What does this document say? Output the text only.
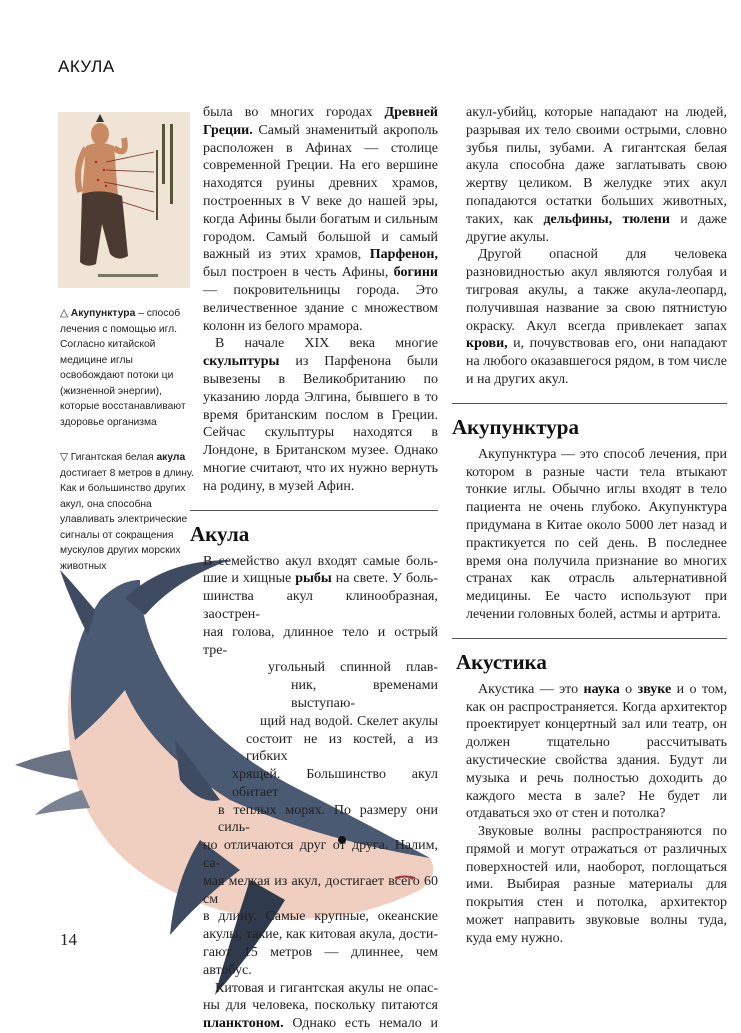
АКУЛА
△ Акупунктура – способ лечения с помощью игл. Согласно китайской медицине иглы освобождают потоки ци (жизненной энергии), которые восстанавливают здоровье организма
▽ Гигантская белая акула достигает 8 метров в длину. Как и большинство других акул, она способна улавливать электрические сигналы от сокращения мускулов других морских животных

была во многих городах Древней Греции. Самый знаменитый акрополь расположен в Афинах — столице современной Греции. На его вершине находятся руины древних храмов, построенных в V веке до нашей эры, когда Афины были богатым и сильным городом. Самый большой и самый важный из этих храмов, Парфенон, был построен в честь Афины, богини — покровительницы города. Это величественное здание с множеством колонн из белого мрамора.

В начале XIX века многие скульптуры из Парфенона были вывезены в Великобританию по указанию лорда Элгина, бывшего в то время британским послом в Греции. Сейчас скульптуры находятся в Лондоне, в Британском музее. Однако многие считают, что их нужно вернуть на родину, в музей Афин.

Акула
В семейство акул входят самые боль-
шие и хищные рыбы на свете. У боль-
шинства акул клинообразная, заострен-
ная голова, длинное тело и острый тре-
угольный спинной плав-
ник, временами выступаю-
щий над водой. Скелет акулы
состоит не из костей, а из гибких
хрящей. Большинство акул обитает
в теплых морях. По размеру они силь-
но отличаются друг от друга. Налим, са-
мая мелкая из акул, достигает всего 60 см
в длину. Самые крупные, океанские
акулы, такие, как китовая акула, дости-
гают 15 метров — длиннее, чем автобус.
Китовая и гигантская акулы не опас-
ны для человека, поскольку питаются
планктоном. Однако есть немало и

акул-убийц, которые нападают на людей, разрывая их тело своими острыми, словно зубья пилы, зубами. А гигантская белая акула способна даже заглатывать свою жертву целиком. В желудке этих акул попадаются остатки больших животных, таких, как дельфины, тюлени и даже другие акулы.

Другой опасной для человека разновидностью акул являются голубая и тигровая акулы, а также акула-леопард, получившая название за свою пятнистую окраску. Акул всегда привлекает запах крови, и, почувствовав его, они нападают на любого оказавшегося рядом, в том числе и на других акул.

Акупунктура

Акупунктура — это способ лечения, при котором в разные части тела втыкают тонкие иглы. Обычно иглы входят в тело пациента не очень глубоко. Акупунктура придумана в Китае около 5000 лет назад и практикуется по сей день. В последнее время она получила признание во многих странах как отрасль альтернативной медицины. Ее часто используют при лечении головных болей, астмы и артрита.

Акустика

Акустика — это наука о звуке и о том, как он распространяется. Когда архитектор проектирует концертный зал или театр, он должен тщательно рассчитывать акустические свойства здания. Будут ли музыка и речь полностью доходить до каждого места в зале? Не будет ли отдаваться эхо от стен и потолка?

Звуковые волны распространяются по прямой и могут отражаться от различных поверхностей или, наоборот, поглощаться ими. Выбирая разные материалы для покрытия стен и потолка, архитектор может направить звуковые волны туда, куда ему нужно.

14
